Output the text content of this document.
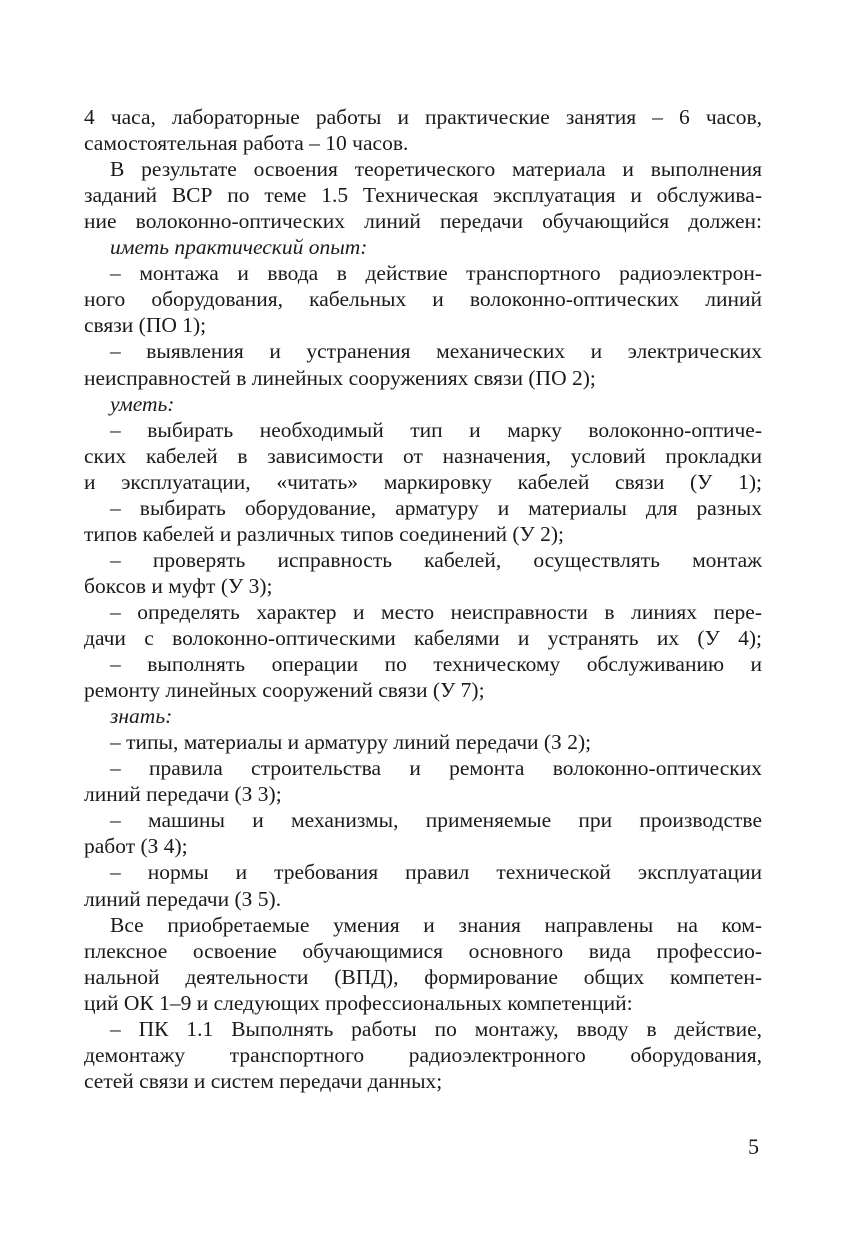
4 часа, лабораторные работы и практические занятия – 6 часов,
самостоятельная работа – 10 часов.
В результате освоения теоретического материала и выполнения
заданий ВСР по теме 1.5 Техническая эксплуатация и обслужива-
ние волоконно-оптических линий передачи обучающийся должен:
иметь практический опыт:
– монтажа и ввода в действие транспортного радиоэлектрон-
ного оборудования, кабельных и волоконно-оптических линий
связи (ПО 1);
– выявления и устранения механических и электрических
неисправностей в линейных сооружениях связи (ПО 2);
уметь:
– выбирать необходимый тип и марку волоконно-оптиче-
ских кабелей в зависимости от назначения, условий прокладки
и эксплуатации, «читать» маркировку кабелей связи (У 1);
– выбирать оборудование, арматуру и материалы для разных
типов кабелей и различных типов соединений (У 2);
– проверять исправность кабелей, осуществлять монтаж
боксов и муфт (У 3);
– определять характер и место неисправности в линиях пере-
дачи с волоконно-оптическими кабелями и устранять их (У 4);
– выполнять операции по техническому обслуживанию и
ремонту линейных сооружений связи (У 7);
знать:
– типы, материалы и арматуру линий передачи (З 2);
– правила строительства и ремонта волоконно-оптических
линий передачи (З 3);
– машины и механизмы, применяемые при производстве
работ (З 4);
– нормы и требования правил технической эксплуатации
линий передачи (З 5).
Все приобретаемые умения и знания направлены на ком-
плексное освоение обучающимися основного вида профессио-
нальной деятельности (ВПД), формирование общих компетен-
ций ОК 1–9 и следующих профессиональных компетенций:
– ПК 1.1 Выполнять работы по монтажу, вводу в действие,
демонтажу транспортного радиоэлектронного оборудования,
сетей связи и систем передачи данных;
5
